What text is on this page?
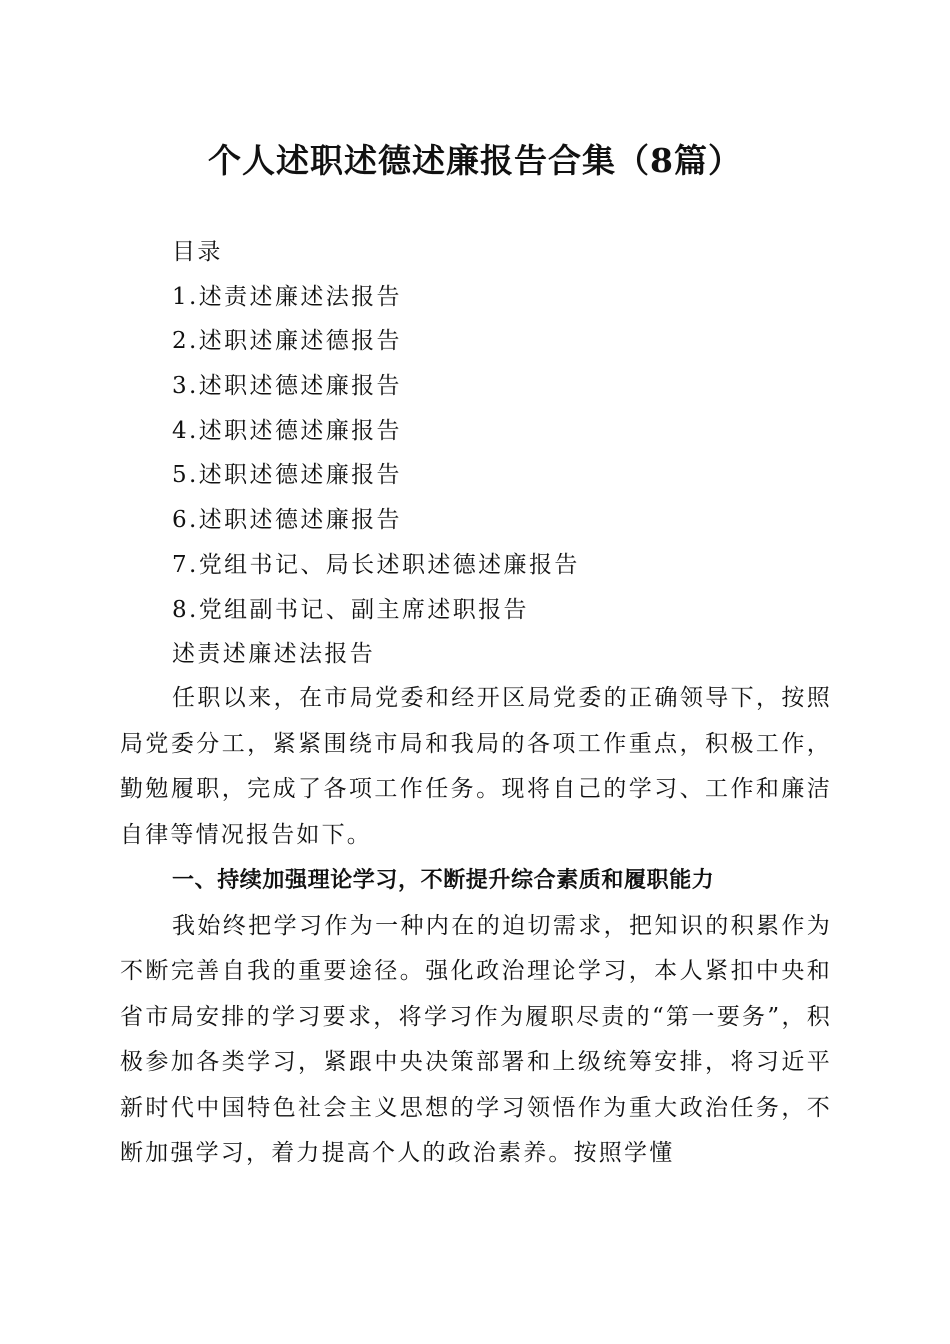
个人述职述德述廉报告合集（8篇）
目录
1.述责述廉述法报告
2.述职述廉述德报告
3.述职述德述廉报告
4.述职述德述廉报告
5.述职述德述廉报告
6.述职述德述廉报告
7.党组书记、局长述职述德述廉报告
8.党组副书记、副主席述职报告
述责述廉述法报告

任职以来，在市局党委和经开区局党委的正确领导下，按照局党委分工，紧紧围绕市局和我局的各项工作重点，积极工作，勤勉履职，完成了各项工作任务。现将自己的学习、工作和廉洁自律等情况报告如下。

一、持续加强理论学习，不断提升综合素质和履职能力

我始终把学习作为一种内在的迫切需求，把知识的积累作为不断完善自我的重要途径。强化政治理论学习，本人紧扣中央和省市局安排的学习要求，将学习作为履职尽责的“第一要务”，积极参加各类学习，紧跟中央决策部署和上级统筹安排，将习近平新时代中国特色社会主义思想的学习领悟作为重大政治任务，不断加强学习，着力提高个人的政治素养。按照学懂
